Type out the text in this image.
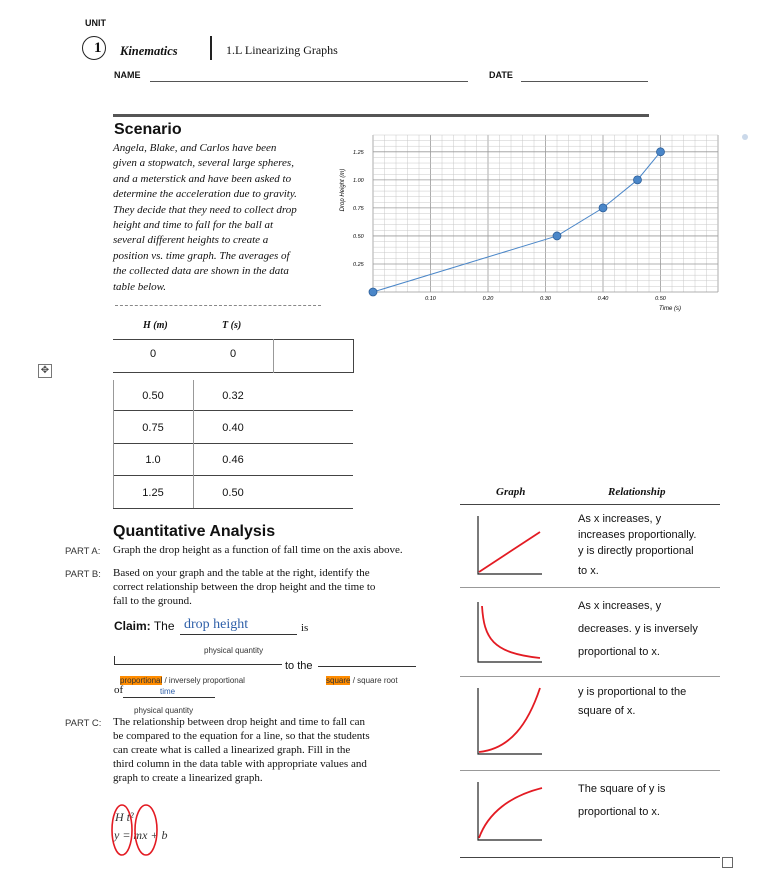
UNIT
1 Kinematics	1.L Linearizing Graphs
NAME	DATE
Scenario
Angela, Blake, and Carlos have been
given a stopwatch, several large spheres,
and a meterstick and have been asked to
determine the acceleration due to gravity.
They decide that they need to collect drop
height and time to fall for the ball at
several different heights to create a
position vs. time graph. The averages of
the collected data are shown in the data
table below.
0.10	0.20	0.30	0.40	0.50
0.25
0.50
0.75
1.00
1.25
Drop Height (m)
Time (s)
H (m)	T (s)
0	0
0.50	0.32
0.75	0.40
1.0	0.46
1.25	0.50
✥
Quantitative Analysis
PART A: Graph the drop height as a function of fall time on the axis above.
PART B: Based on your graph and the table at the right, identify the
correct relationship between the drop height and the time to
fall to the ground.
Claim: The drop height	is
physical quantity
to the
proportional / inversely proportional	square / square root
of	time
physical quantity
PART C: The relationship between drop height and time to fall can
be compared to the equation for a line, so that the students
can create what is called a linearized graph. Fill in the
third column in the data table with appropriate values and
graph to create a linearized graph.
H t²
y = mx + b
Graph	Relationship
As x increases, y
increases proportionally.
y is directly proportional
to x.
As x increases, y
decreases. y is inversely
proportional to x.
y is proportional to the
square of x.
The square of y is
proportional to x.
